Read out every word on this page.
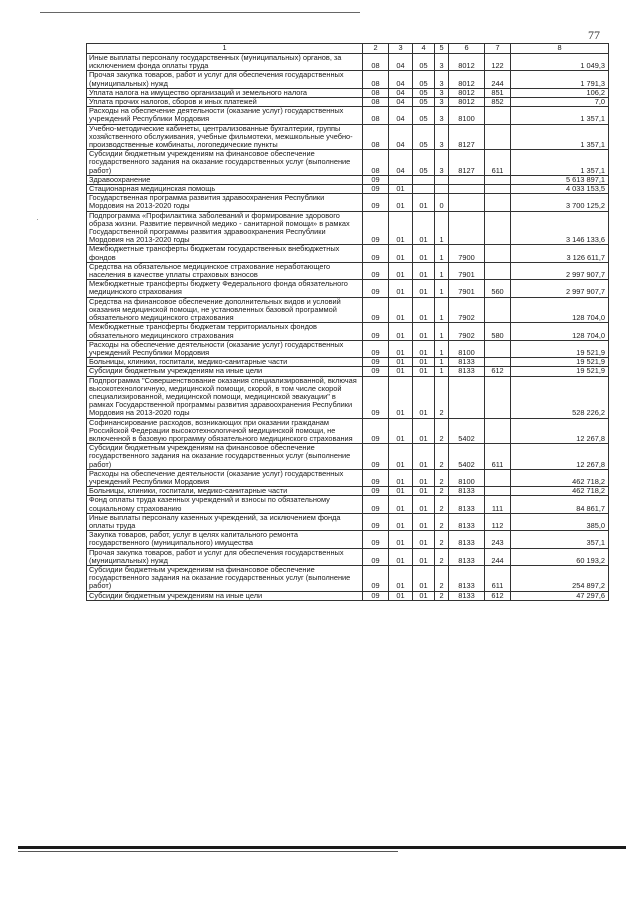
77
·
1	2	3	4	5	6	7	8
Иные выплаты персоналу государственных (муниципальных) органов, за исключением фонда оплаты труда	08	04	05	3	8012	122	1 049,3
Прочая закупка товаров, работ и услуг для обеспечения государственных (муниципальных) нужд	08	04	05	3	8012	244	1 791,3
Уплата налога на имущество организаций и земельного налога	08	04	05	3	8012	851	106,2
Уплата прочих налогов, сборов и иных платежей	08	04	05	3	8012	852	7,0
Расходы на обеспечение деятельности (оказание услуг) государственных учреждений Республики Мордовия	08	04	05	3	8100		1 357,1
Учебно-методические кабинеты, централизованные бухгалтерии, группы хозяйственного обслуживания, учебные фильмотеки, межшкольные учебно-производственные комбинаты, логопедические пункты	08	04	05	3	8127		1 357,1
Субсидии бюджетным учреждениям на финансовое обеспечение государственного задания на оказание государственных услуг (выполнение работ)	08	04	05	3	8127	611	1 357,1
Здравоохранение	09						5 613 897,1
Стационарная медицинская помощь	09	01					4 033 153,5
Государственная программа развития здравоохранения Республики Мордовия на 2013-2020 годы	09	01	01	0			3 700 125,2
Подпрограмма «Профилактика заболеваний и формирование здорового образа жизни. Развитие первичной медико - санитарной помощи» в рамках Государственной программы развития здравоохранения Республики Мордовия на 2013-2020 годы	09	01	01	1			3 146 133,6
Межбюджетные трансферты бюджетам государственных внебюджетных фондов	09	01	01	1	7900		3 126 611,7
Средства на обязательное медицинское страхование неработающего населения в качестве уплаты страховых взносов	09	01	01	1	7901		2 997 907,7
Межбюджетные трансферты бюджету Федерального фонда обязательного медицинского страхования	09	01	01	1	7901	560	2 997 907,7
Средства на финансовое обеспечение дополнительных видов и условий оказания медицинской помощи, не установленных базовой программой обязательного медицинского страхования	09	01	01	1	7902		128 704,0
Межбюджетные трансферты бюджетам территориальных фондов обязательного медицинского страхования	09	01	01	1	7902	580	128 704,0
Расходы на обеспечение деятельности (оказание услуг) государственных учреждений Республики Мордовия	09	01	01	1	8100		19 521,9
Больницы, клиники, госпитали, медико-санитарные части	09	01	01	1	8133		19 521,9
Субсидии бюджетным учреждениям на иные цели	09	01	01	1	8133	612	19 521,9
Подпрограмма "Совершенствование оказания специализированной, включая высокотехнологичную, медицинской помощи, скорой, в том числе скорой специализированной, медицинской помощи, медицинской эвакуации" в рамках Государственной программы развития здравоохранения Республики Мордовия на 2013-2020 годы	09	01	01	2			528 226,2
Софинансирование расходов, возникающих при оказании гражданам Российской Федерации высокотехнологичной медицинской помощи, не включенной в базовую программу обязательного медицинского страхования	09	01	01	2	5402		12 267,8
Субсидии бюджетным учреждениям на финансовое обеспечение государственного задания на оказание государственных услуг (выполнение работ)	09	01	01	2	5402	611	12 267,8
Расходы на обеспечение деятельности (оказание услуг) государственных учреждений Республики Мордовия	09	01	01	2	8100		462 718,2
Больницы, клиники, госпитали, медико-санитарные части	09	01	01	2	8133		462 718,2
Фонд оплаты труда казенных учреждений и взносы по обязательному социальному страхованию	09	01	01	2	8133	111	84 861,7
Иные выплаты персоналу казенных учреждений, за исключением фонда оплаты труда	09	01	01	2	8133	112	385,0
Закупка товаров, работ, услуг в целях капитального ремонта государственного (муниципального) имущества	09	01	01	2	8133	243	357,1
Прочая закупка товаров, работ и услуг для обеспечения государственных (муниципальных) нужд	09	01	01	2	8133	244	60 193,2
Субсидии бюджетным учреждениям на финансовое обеспечение государственного задания на оказание государственных услуг (выполнение работ)	09	01	01	2	8133	611	254 897,2
Субсидии бюджетным учреждениям на иные цели	09	01	01	2	8133	612	47 297,6
